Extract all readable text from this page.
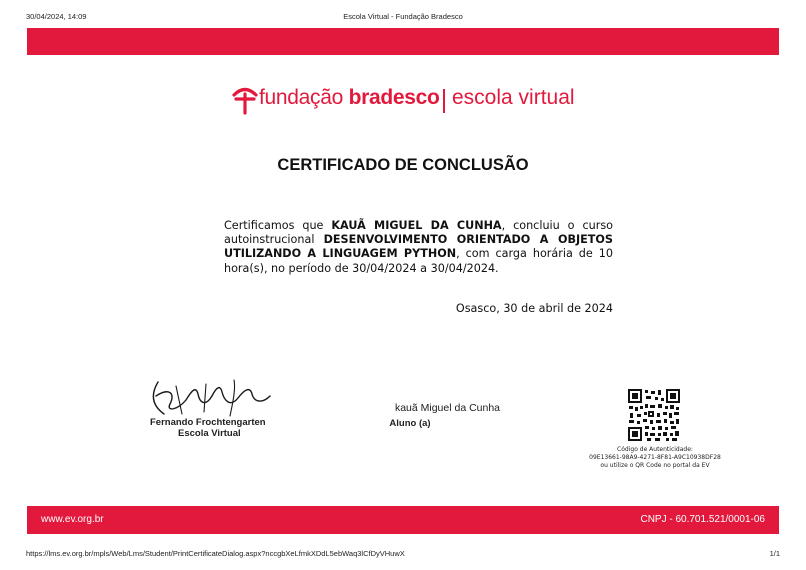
30/04/2024, 14:09	Escola Virtual - Fundação Bradesco
fundação bradesco escola virtual
CERTIFICADO DE CONCLUSÃO
Certificamos que KAUÃ MIGUEL DA CUNHA, concluiu o curso autoinstrucional DESENVOLVIMENTO ORIENTADO A OBJETOS UTILIZANDO A LINGUAGEM PYTHON, com carga horária de 10 hora(s), no período de 30/04/2024 a 30/04/2024.
Osasco, 30 de abril de 2024
Fernando Frochtengarten
Escola Virtual
kauã Miguel da Cunha
Aluno (a)
Código de Autenticidade:
09E13661-98A9-4271-8F81-A9C10938DF28
ou utilize o QR Code no portal da EV
www.ev.org.br	CNPJ - 60.701.521/0001-06
https://lms.ev.org.br/mpls/Web/Lms/Student/PrintCertificateDialog.aspx?nccgbXeLfmkXDdL5ebWaq3lCfDyVHuwX	1/1
